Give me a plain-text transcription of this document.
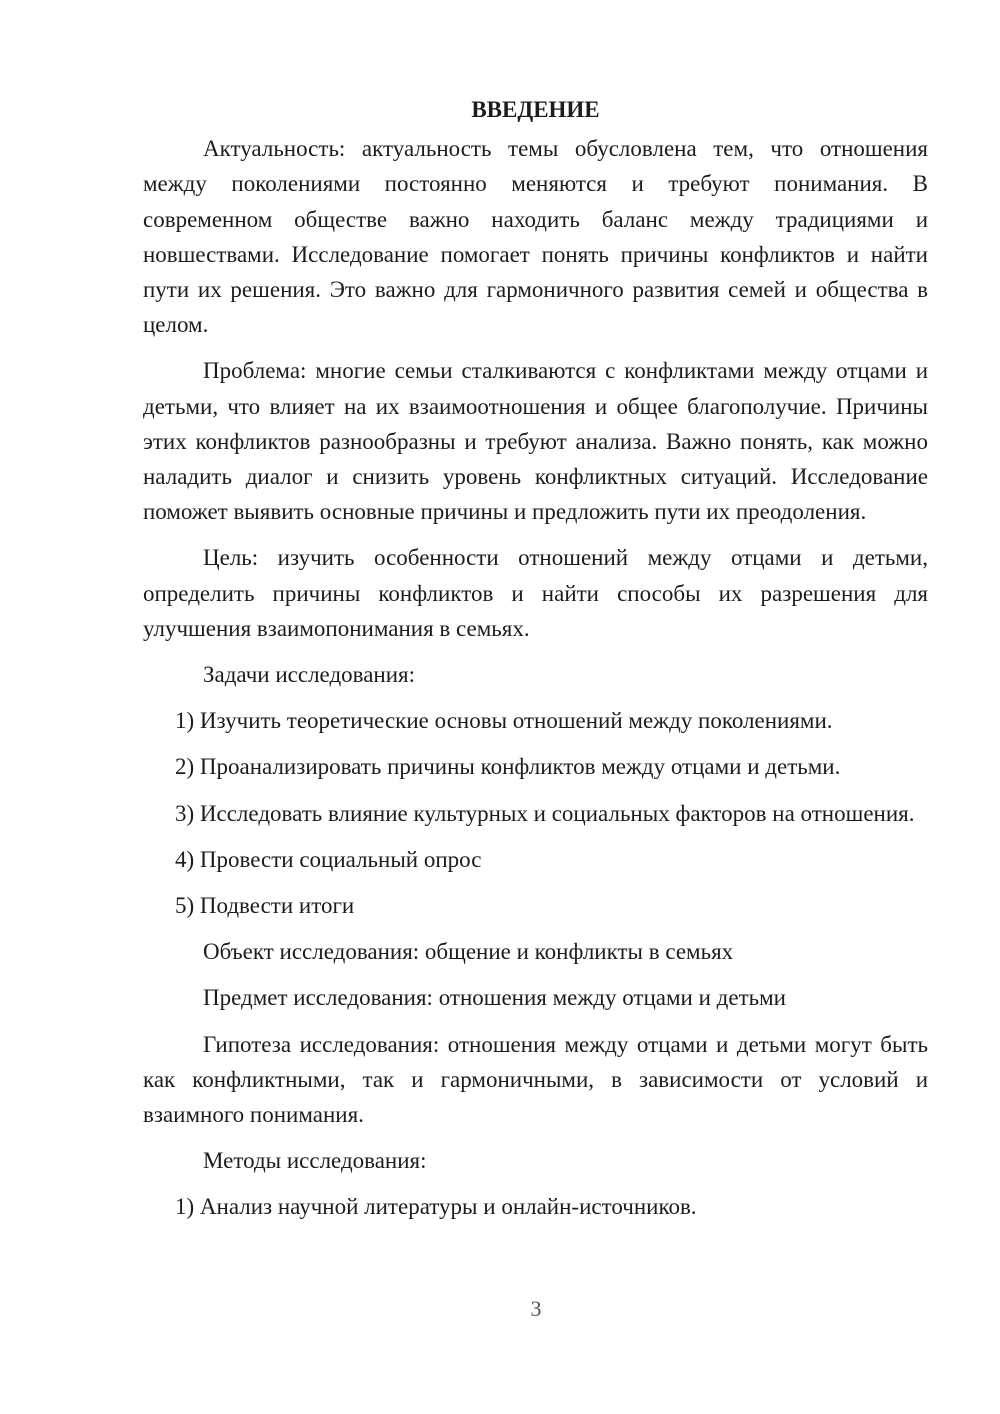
ВВЕДЕНИЕ

Актуальность: актуальность темы обусловлена тем, что отношения между поколениями постоянно меняются и требуют понимания. В современном обществе важно находить баланс между традициями и новшествами. Исследование помогает понять причины конфликтов и найти пути их решения. Это важно для гармоничного развития семей и общества в целом.

Проблема: многие семьи сталкиваются с конфликтами между отцами и детьми, что влияет на их взаимоотношения и общее благополучие. Причины этих конфликтов разнообразны и требуют анализа. Важно понять, как можно наладить диалог и снизить уровень конфликтных ситуаций. Исследование поможет выявить основные причины и предложить пути их преодоления.

Цель: изучить особенности отношений между отцами и детьми, определить причины конфликтов и найти способы их разрешения для улучшения взаимопонимания в семьях.

Задачи исследования:

1) Изучить теоретические основы отношений между поколениями.

2) Проанализировать причины конфликтов между отцами и детьми.

3) Исследовать влияние культурных и социальных факторов на отношения.

4) Провести социальный опрос

5) Подвести итоги

Объект исследования: общение и конфликты в семьях

Предмет исследования: отношения между отцами и детьми

Гипотеза исследования: отношения между отцами и детьми могут быть как конфликтными, так и гармоничными, в зависимости от условий и взаимного понимания.

Методы исследования:

1) Анализ научной литературы и онлайн-источников.

3
